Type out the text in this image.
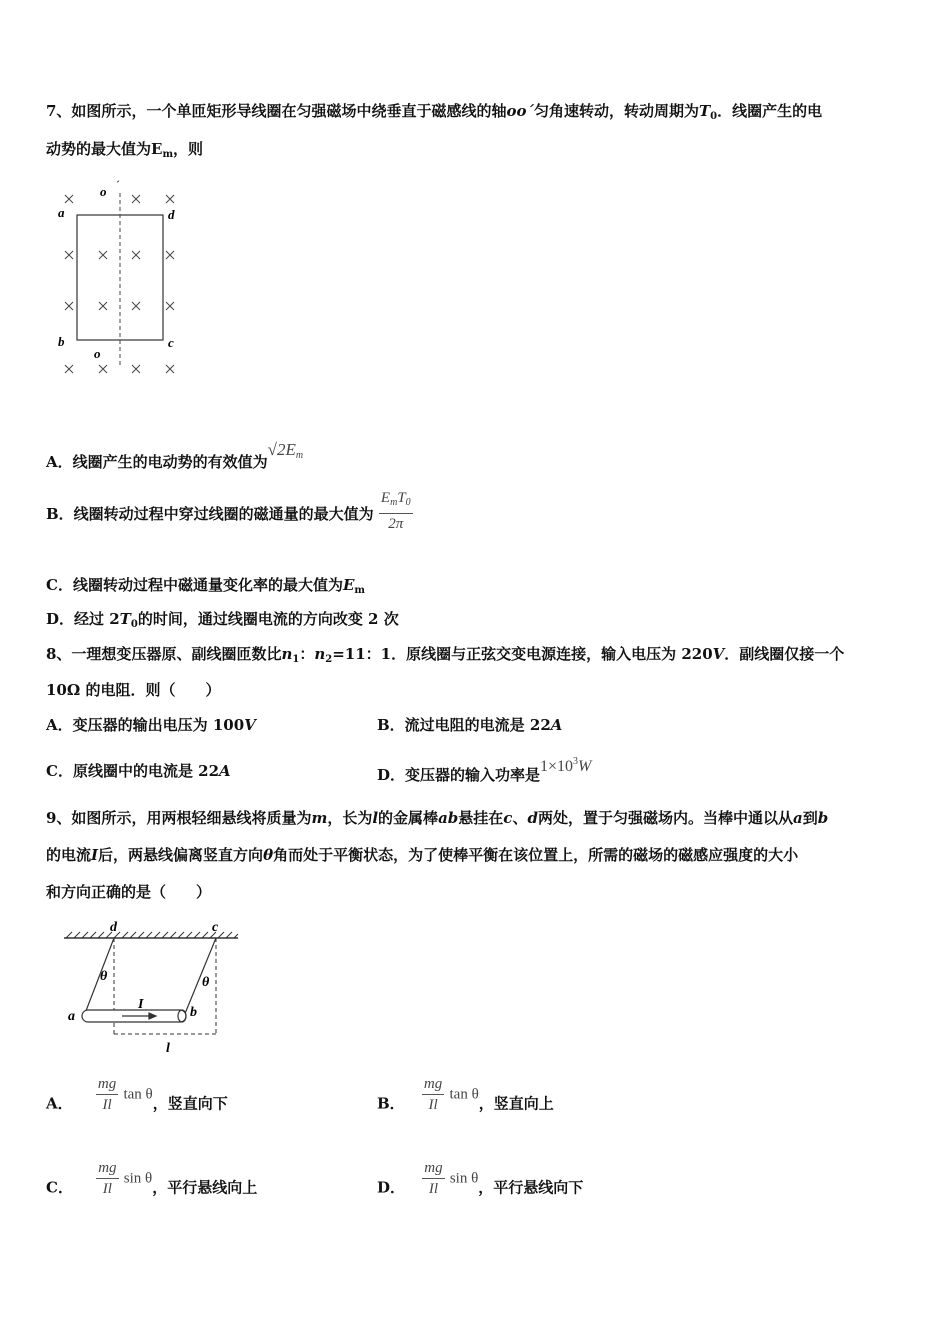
7、如图所示，一个单匝矩形导线圈在匀强磁场中绕垂直于磁感线的轴oo´匀角速转动，转动周期为$T_0$．线圈产生的电
动势的最大值为$E_m$，则
o ´
a	d
b
o
c
A．线圈产生的电动势的有效值为$√2E_m$
B．线圈转动过程中穿过线圈的磁通量的最大值为 $\frac{E_mT_0}{2\pi}$
C．线圈转动过程中磁通量变化率的最大值为$E_m$
D．经过 $2T_0$的时间，通过线圈电流的方向改变 2 次
8、一理想变压器原、副线圈匝数比$n_1$：$n_2=11$：1．原线圈与正弦交变电源连接，输入电压为 220V．副线圈仅接一个
10Ω 的电阻．则（　　）
A．变压器的输出电压为 100V	B．流过电阻的电流是 22A
C．原线圈中的电流是 22A	D．变压器的输入功率是$1\times 10^3W$
9、如图所示，用两根轻细悬线将质量为m，长为l的金属棒ab悬挂在c、d两处，置于匀强磁场内。当棒中通以从a到b
的电流I后，两悬线偏离竖直方向θ角而处于平衡状态，为了使棒平衡在该位置上，所需的磁场的磁感应强度的大小
和方向正确的是（　　）
d	c
θ	θ
a	b
I
l
A． $\frac{mg}{Il}$ tan θ，竖直向下	B． $\frac{mg}{Il}$ tan θ，竖直向上
C． $\frac{mg}{Il}$ sin θ，平行悬线向上	D． $\frac{mg}{Il}$ sin θ，平行悬线向下
